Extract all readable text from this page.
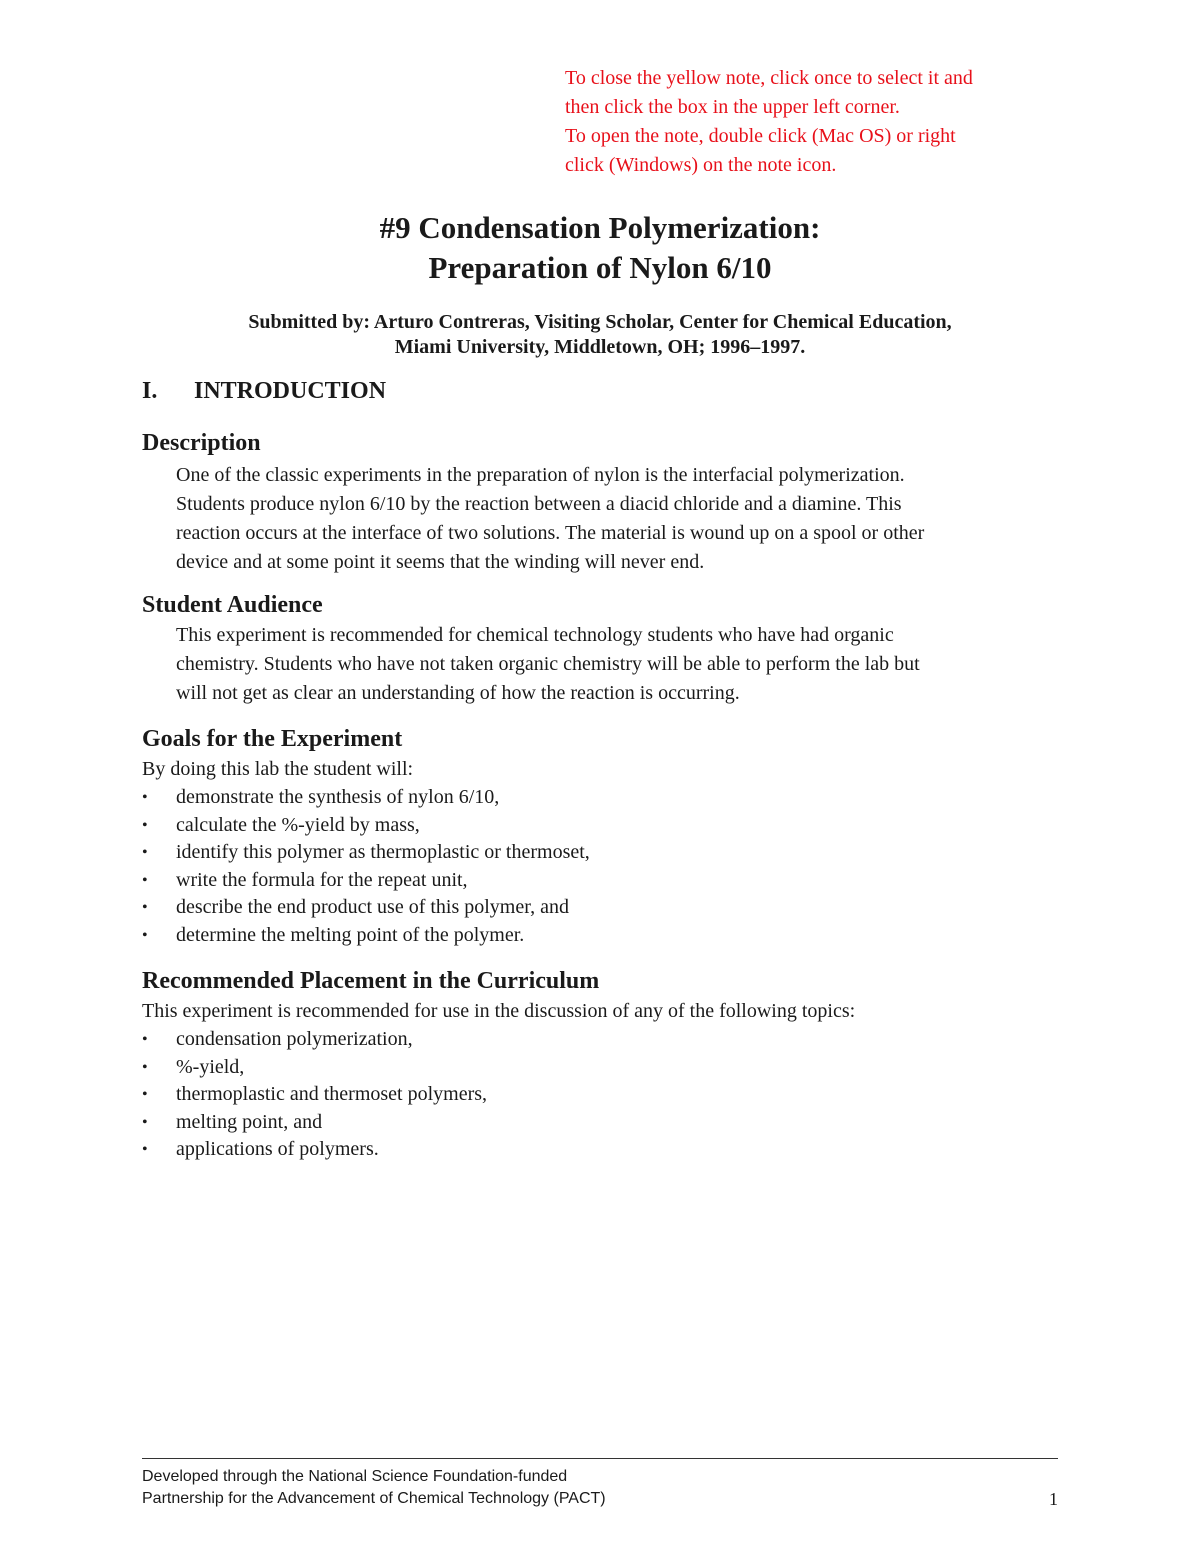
To close the yellow note, click once to select it and

then click the box in the upper left corner.

To open the note, double click (Mac OS) or right

click (Windows) on the note icon.

#9 Condensation Polymerization:
Preparation of Nylon 6/10
Submitted by: Arturo Contreras, Visiting Scholar, Center for Chemical Education,
Miami University, Middletown, OH; 1996–1997.
I. INTRODUCTION
Description
One of the classic experiments in the preparation of nylon is the interfacial polymerization.
Students produce nylon 6/10 by the reaction between a diacid chloride and a diamine. This
reaction occurs at the interface of two solutions. The material is wound up on a spool or other
device and at some point it seems that the winding will never end.
Student Audience
This experiment is recommended for chemical technology students who have had organic
chemistry. Students who have not taken organic chemistry will be able to perform the lab but
will not get as clear an understanding of how the reaction is occurring.
Goals for the Experiment
By doing this lab the student will:
•	demonstrate the synthesis of nylon 6/10,
•	calculate the %-yield by mass,
•	identify this polymer as thermoplastic or thermoset,
•	write the formula for the repeat unit,
•	describe the end product use of this polymer, and
•	determine the melting point of the polymer.
Recommended Placement in the Curriculum
This experiment is recommended for use in the discussion of any of the following topics:
•	condensation polymerization,
•	%-yield,
•	thermoplastic and thermoset polymers,
•	melting point, and
•	applications of polymers.
Developed through the National Science Foundation-funded
Partnership for the Advancement of Chemical Technology (PACT)	1
